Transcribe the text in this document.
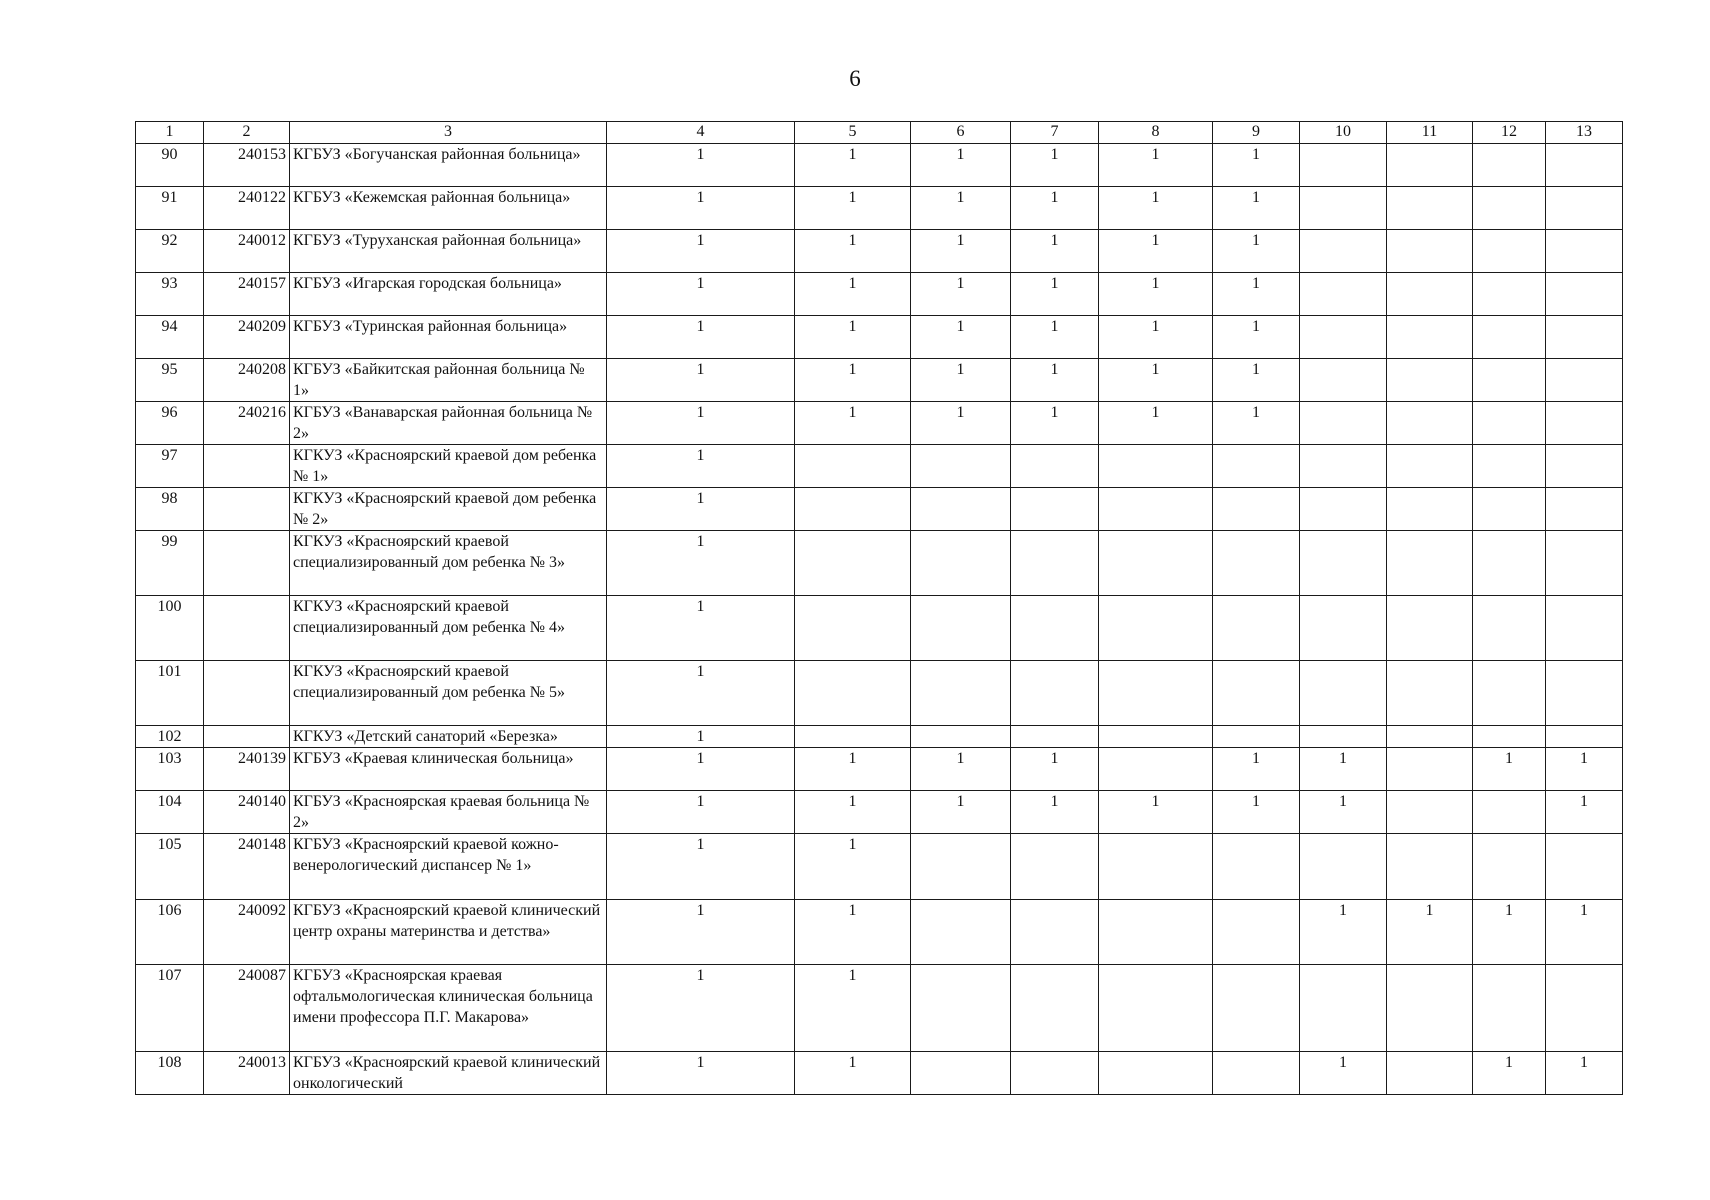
6
1	2	3	4	5	6	7	8	9	10	11	12	13
90	240153	КГБУЗ «Богучанская районная больница»	1	1	1	1	1	1				
91	240122	КГБУЗ «Кежемская районная больница»	1	1	1	1	1	1				
92	240012	КГБУЗ «Туруханская районная больница»	1	1	1	1	1	1				
93	240157	КГБУЗ «Игарская городская больница»	1	1	1	1	1	1				
94	240209	КГБУЗ «Туринская районная больница»	1	1	1	1	1	1				
95	240208	КГБУЗ «Байкитская районная больница № 1»	1	1	1	1	1	1				
96	240216	КГБУЗ «Ванаварская районная больница № 2»	1	1	1	1	1	1				
97		КГКУЗ «Красноярский краевой дом ребенка № 1»	1									
98		КГКУЗ «Красноярский краевой дом ребенка № 2»	1									
99		КГКУЗ «Красноярский краевой специализированный дом ребенка № 3»	1									
100		КГКУЗ «Красноярский краевой специализированный дом ребенка № 4»	1									
101		КГКУЗ «Красноярский краевой специализированный дом ребенка № 5»	1									
102		КГКУЗ «Детский санаторий «Березка»	1									
103	240139	КГБУЗ «Краевая клиническая больница»	1	1	1	1		1	1		1	1
104	240140	КГБУЗ «Красноярская краевая больница № 2»	1	1	1	1	1	1	1			1
105	240148	КГБУЗ «Красноярский краевой кожно-венерологический диспансер № 1»	1	1								
106	240092	КГБУЗ «Красноярский краевой клинический центр охраны материнства и детства»	1	1					1	1	1	1
107	240087	КГБУЗ «Красноярская краевая офтальмологическая клиническая больница имени профессора П.Г. Макарова»	1	1								
108	240013	КГБУЗ «Красноярский краевой клинический онкологический	1	1					1		1	1
